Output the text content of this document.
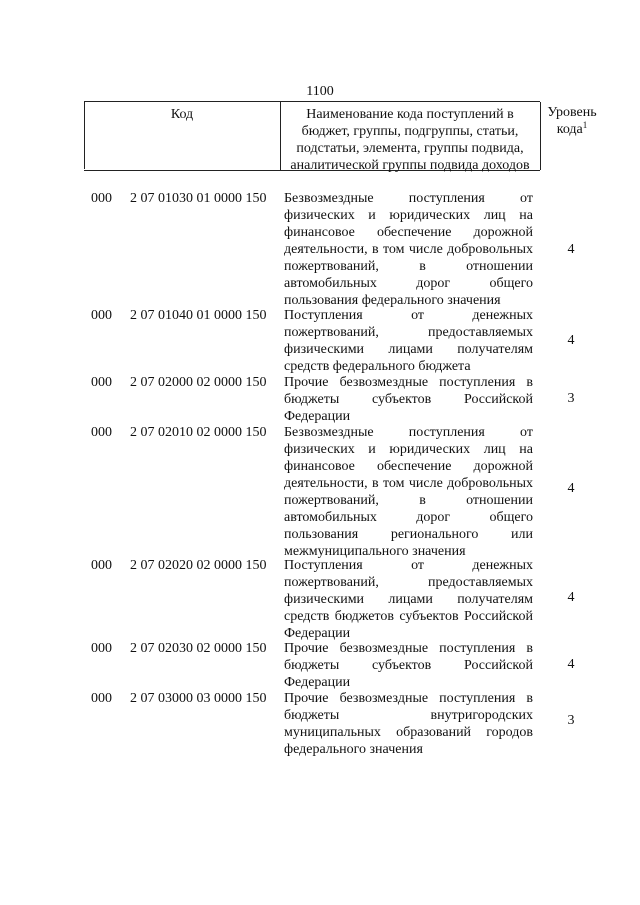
1100
Код	Наименование кода поступлений в бюджет, группы, подгруппы, статьи, подстатьи, элемента, группы подвида, аналитической группы подвида доходов
Уровень кода$^1$
000 2 07 01030 01 0000 150 Безвозмездные поступления от физических и юридических лиц на финансовое обеспечение дорожной деятельности, в том числе добровольных пожертвований, в отношении автомобильных дорог общего пользования федерального значения
4
000 2 07 01040 01 0000 150 Поступления от денежных пожертвований, предоставляемых физическими лицами получателям средств федерального бюджета
4
000 2 07 02000 02 0000 150 Прочие безвозмездные поступления в бюджеты субъектов Российской Федерации
3
000 2 07 02010 02 0000 150 Безвозмездные поступления от физических и юридических лиц на финансовое обеспечение дорожной деятельности, в том числе добровольных пожертвований, в отношении автомобильных дорог общего пользования регионального или межмуниципального значения
4
000 2 07 02020 02 0000 150 Поступления от денежных пожертвований, предоставляемых физическими лицами получателям средств бюджетов субъектов Российской Федерации
4
000 2 07 02030 02 0000 150 Прочие безвозмездные поступления в бюджеты субъектов Российской Федерации
4
000 2 07 03000 03 0000 150 Прочие безвозмездные поступления в бюджеты внутригородских муниципальных образований городов федерального значения
3
